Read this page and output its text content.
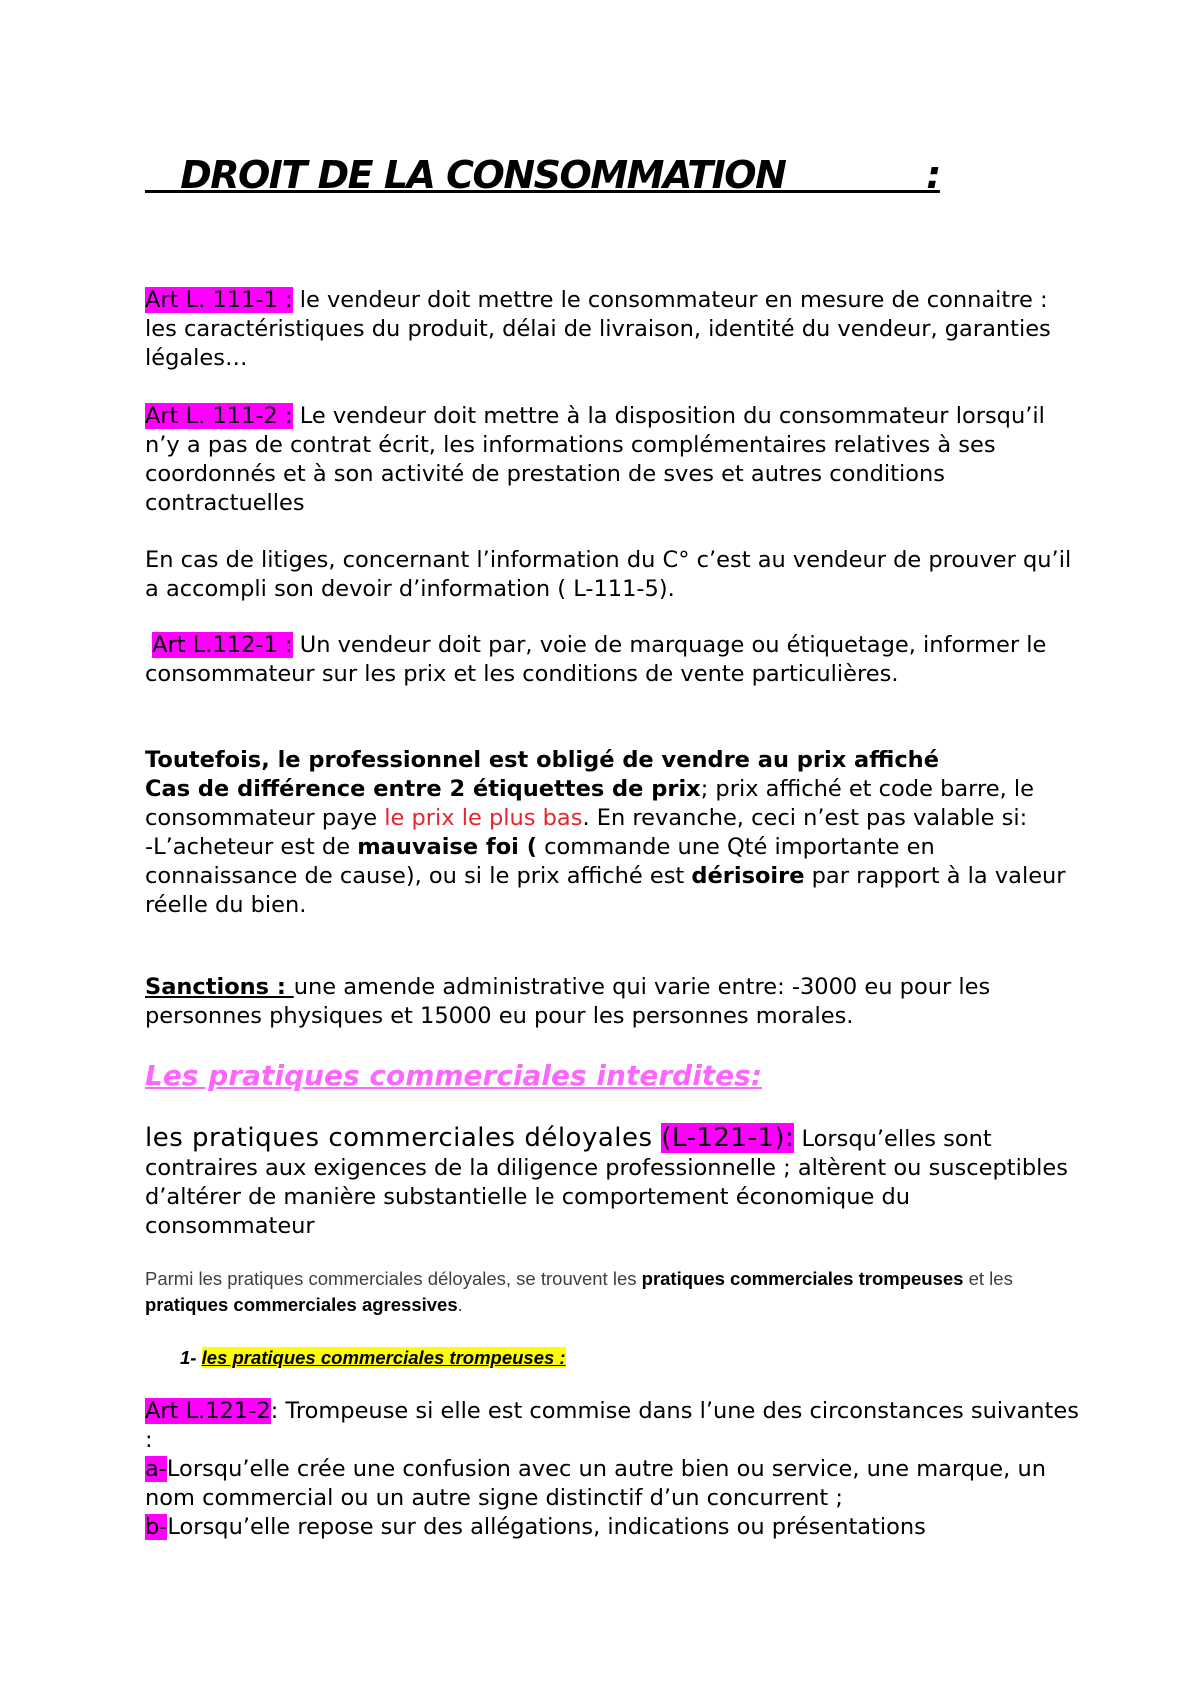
DROIT DE LA CONSOMMATION            :

Art L. 111-1 : le vendeur doit mettre le consommateur en mesure de connaitre : les caractéristiques du produit, délai de livraison, identité du vendeur, garanties légales…

Art L. 111-2 : Le vendeur doit mettre à la disposition du consommateur lorsqu’il n’y a pas de contrat écrit, les informations complémentaires relatives à ses coordonnés et à son activité de prestation de sves et autres conditions contractuelles

En cas de litiges, concernant l’information du C° c’est au vendeur de prouver qu’il a accompli son devoir d’information ( L-111-5).

Art L.112-1 : Un vendeur doit par, voie de marquage ou étiquetage, informer le consommateur sur les prix et les conditions de vente particulières.

Toutefois, le professionnel est obligé de vendre au prix affiché
Cas de différence entre 2 étiquettes de prix; prix affiché et code barre, le consommateur paye le prix le plus bas. En revanche, ceci n’est pas valable si:
-L’acheteur est de mauvaise foi ( commande une Qté importante en connaissance de cause), ou si le prix affiché est dérisoire par rapport à la valeur réelle du bien.

Sanctions : une amende administrative qui varie entre: -3000 eu pour les personnes physiques et 15000 eu pour les personnes morales.

Les pratiques commerciales interdites:

les pratiques commerciales déloyales (L-121-1): Lorsqu’elles sont contraires aux exigences de la diligence professionnelle ; altèrent ou susceptibles d’altérer de manière substantielle le comportement économique du consommateur

Parmi les pratiques commerciales déloyales, se trouvent les pratiques commerciales trompeuses et les pratiques commerciales agressives.

1- les pratiques commerciales trompeuses :

Art L.121-2: Trompeuse si elle est commise dans l’une des circonstances suivantes :
a-Lorsqu’elle crée une confusion avec un autre bien ou service, une marque, un nom commercial ou un autre signe distinctif d’un concurrent ;
b-Lorsqu’elle repose sur des allégations, indications ou présentations
